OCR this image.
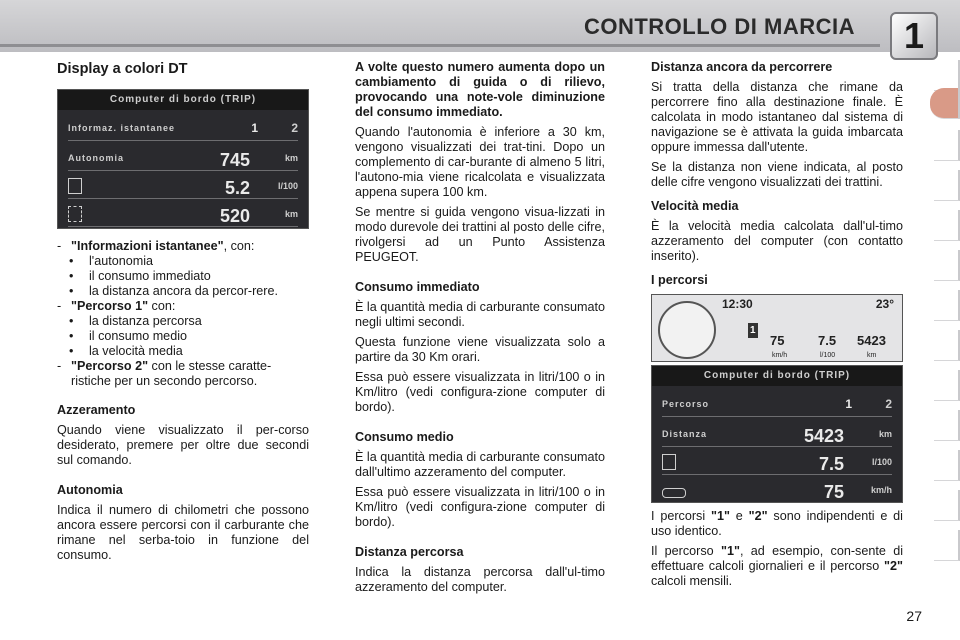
CONTROLLO DI MARCIA	1
Display a colori DT
Computer di bordo (TRIP)
Informaz. istantanee	1	2
Autonomia	745	km
5.2	l/100
520	km
- "Informazioni istantanee", con:
•	l'autonomia
•	il consumo immediato
•	la distanza ancora da percor-rere.
- "Percorso 1" con:
•	la distanza percorsa
•	il consumo medio
•	la velocità media
- "Percorso 2" con le stesse caratte-ristiche per un secondo percorso.
Azzeramento

Quando viene visualizzato il per-corso desiderato, premere per oltre due secondi sul comando.

Autonomia

Indica il numero di chilometri che possono ancora essere percorsi con il carburante che rimane nel serba-toio in funzione del consumo.

A volte questo numero aumenta dopo un cambiamento di guida o di rilievo, provocando una note-vole diminuzione del consumo immediato.

Quando l'autonomia è inferiore a 30 km, vengono visualizzati dei trat-tini. Dopo un complemento di car-burante di almeno 5 litri, l'autono-mia viene ricalcolata e visualizzata appena supera 100 km.

Se mentre si guida vengono visua-lizzati in modo durevole dei trattini al posto delle cifre, rivolgersi ad un Punto Assistenza PEUGEOT.

Consumo immediato

È la quantità media di carburante consumato negli ultimi secondi.

Questa funzione viene visualizzata solo a partire da 30 Km orari.

Essa può essere visualizzata in litri/100 o in Km/litro (vedi configura-zione computer di bordo).

Consumo medio

È la quantità media di carburante consumato dall'ultimo azzeramento del computer.

Essa può essere visualizzata in litri/100 o in Km/litro (vedi configura-zione computer di bordo).

Distanza percorsa

Indica la distanza percorsa dall'ul-timo azzeramento del computer.

Distanza ancora da percorrere

Si tratta della distanza che rimane da percorrere fino alla destinazione finale. È calcolata in modo istantaneo dal sistema di navigazione se è attivata la guida imbarcata oppure immessa dall'utente.

Se la distanza non viene indicata, al posto delle cifre vengono visualizzati dei trattini.

Velocità media

È la velocità media calcolata dall'ul-timo azzeramento del computer (con contatto inserito).

I percorsi
12:30	23°
1
75
km/h
7.5
l/100
5423
km
Computer di bordo (TRIP)
Percorso	1	2
Distanza	5423	km
7.5	l/100
75	km/h

I percorsi "1" e "2" sono indipendenti e di uso identico.

Il percorso "1", ad esempio, con-sente di effettuare calcoli giornalieri e il percorso "2" calcoli mensili.

27
